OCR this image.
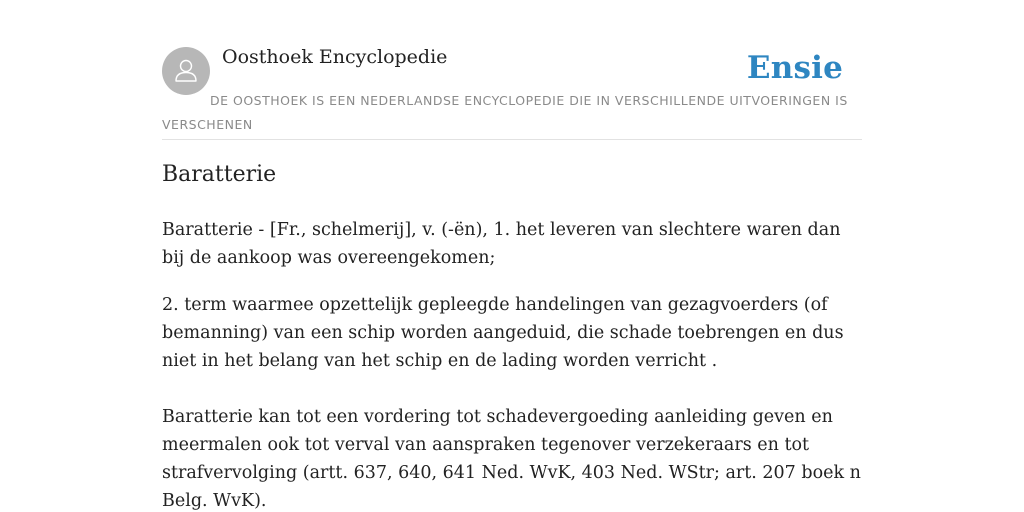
Oosthoek Encyclopedie	Ensie
DE OOSTHOEK IS EEN NEDERLANDSE ENCYCLOPEDIE DIE IN VERSCHILLENDE UITVOERINGEN IS VERSCHENEN
Baratterie

Baratterie - [Fr., schelmerij], v. (-ën), 1. het leveren van slechtere waren dan bij de aankoop was overeengekomen;

2. term waarmee opzettelijk gepleegde handelingen van gezagvoerders (of bemanning) van een schip worden aangeduid, die schade toebrengen en dus niet in het belang van het schip en de lading worden verricht .

Baratterie kan tot een vordering tot schadevergoeding aanleiding geven en meermalen ook tot verval van aanspraken tegenover verzekeraars en tot strafvervolging (artt. 637, 640, 641 Ned. WvK, 403 Ned. WStr; art. 207 boek n Belg. WvK).
